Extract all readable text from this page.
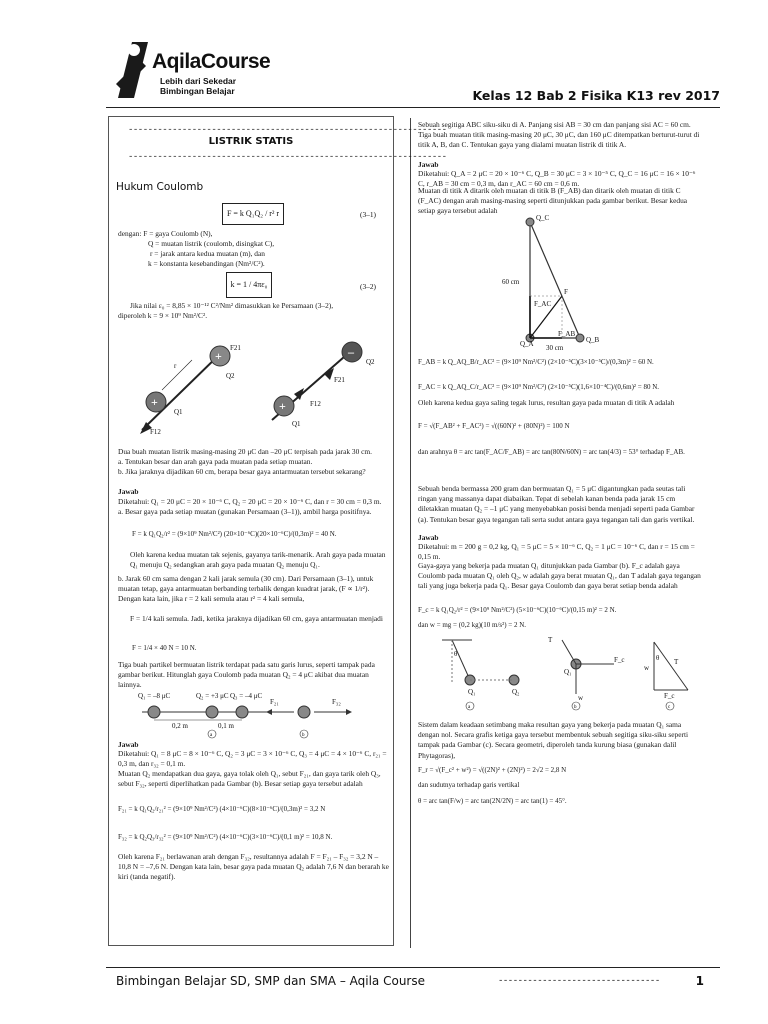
AqilaCourse
Lebih dari Sekedar
Bimbingan Belajar	Kelas 12 Bab 2 Fisika K13 rev 2017
-----------------------------------------------------------------
LISTRIK STATIS
-----------------------------------------------------------------
Hukum Coulomb
F = k Q₁Q₂ / r² r	(3–1)
dengan: F = gaya Coulomb (N),
Q = muatan listrik (coulomb, disingkat C),
r = jarak antara kedua muatan (m), dan
k = konstanta kesebandingan (Nm²/C²).
k = 1 / 4πε₀	(3–2)
Jika nilai ε₀ = 8,85 × 10⁻¹² C²/Nm² dimasukkan ke Persamaan (3–2),
diperoleh k = 9 × 10⁹ Nm²/C².
r
+
+
F21
F12
Q1
Q2
+
–
F12
F21
Q1
Q2
Dua buah muatan listrik masing-masing 20 μC dan –20 μC terpisah pada jarak 30 cm.
a. Tentukan besar dan arah gaya pada muatan pada setiap muatan.
b. Jika jaraknya dijadikan 60 cm, berapa besar gaya antarmuatan tersebut sekarang?
Jawab
Diketahui: Q₁ = 20 μC = 20 × 10⁻⁶ C, Q₂ = 20 μC = 20 × 10⁻⁶ C, dan r = 30 cm = 0,3 m.
a. Besar gaya pada setiap muatan (gunakan Persamaan (3–1)), ambil harga positifnya.
F = k Q₁Q₂/r² = (9×10⁹ Nm²/C²) (20×10⁻⁶C)(20×10⁻⁶C)/(0,3m)² = 40 N.
Oleh karena kedua muatan tak sejenis, gayanya tarik-menarik. Arah gaya pada muatan Q₁ menuju Q₂ sedangkan arah gaya pada muatan Q₂ menuju Q₁.
b. Jarak 60 cm sama dengan 2 kali jarak semula (30 cm). Dari Persamaan (3–1), untuk muatan tetap, gaya antarmuatan berbanding terbalik dengan kuadrat jarak, (F ∝ 1/r²). Dengan kata lain, jika r = 2 kali semula atau r² = 4 kali semula,
F = 1/4 kali semula. Jadi, ketika jaraknya dijadikan 60 cm, gaya antarmuatan menjadi
F = 1/4 × 40 N = 10 N.
Tiga buah partikel bermuatan listrik terdapat pada satu garis lurus, seperti tampak pada gambar berikut. Hitunglah gaya Coulomb pada muatan Q₂ = 4 μC akibat dua muatan lainnya.
Q₁ = –8 μC	Q₂ = +3 μC Q₃ = –4 μC
0,2 m	0,1 m
a
F₂₁	F₃₂
b
Jawab
Diketahui: Q₁ = 8 μC = 8 × 10⁻⁶ C, Q₂ = 3 μC = 3 × 10⁻⁶ C, Q₃ = 4 μC = 4 × 10⁻⁶ C, r₂₁ = 0,3 m, dan r₃₂ = 0,1 m.
Muatan Q₂ mendapatkan dua gaya, gaya tolak oleh Q₁, sebut F₂₁, dan gaya tarik oleh Q₃, sebut F₃₂, seperti diperlihatkan pada Gambar (b). Besar setiap gaya tersebut adalah
F₂₁ = k Q₁Q₂/r₂₁² = (9×10⁹ Nm²/C²) (4×10⁻⁶C)(8×10⁻⁶C)/(0,3m)² = 3,2 N
F₃₂ = k Q₂Q₃/r₃₂² = (9×10⁹ Nm²/C²) (4×10⁻⁶C)(3×10⁻⁶C)/(0,1 m)² = 10,8 N.
Oleh karena F₂₁ berlawanan arah dengan F₃₂, resultannya adalah F = F₂₁ – F₃₂ = 3,2 N – 10,8 N = –7,6 N. Dengan kata lain, besar gaya pada muatan Q₂ adalah 7,6 N dan berarah ke kiri (tanda negatif).
Sebuah segitiga ABC siku-siku di A. Panjang sisi AB = 30 cm dan panjang sisi AC = 60 cm. Tiga buah muatan titik masing-masing 20 μC, 30 μC, dan 160 μC ditempatkan berturut-turut di titik A, B, dan C. Tentukan gaya yang dialami muatan listrik di titik A.
Jawab
Diketahui: Q_A = 2 μC = 20 × 10⁻⁶ C, Q_B = 30 μC = 3 × 10⁻⁵ C, Q_C = 16 μC = 16 × 10⁻⁶ C, r_AB = 30 cm = 0,3 m, dan r_AC = 60 cm = 0,6 m.
Muatan di titik A ditarik oleh muatan di titik B (F_AB) dan ditarik oleh muatan di titik C (F_AC) dengan arah masing-masing seperti ditunjukkan pada gambar berikut. Besar kedua setiap gaya tersebut adalah
Q_C
Q_A	Q_B
60 cm
30 cm
F_AC
F_AB
F
F_AB = k Q_AQ_B/r_AC² = (9×10⁹ Nm²/C²) (2×10⁻⁵C)(3×10⁻⁵C)/(0,3m)² = 60 N.
F_AC = k Q_AQ_C/r_AC² = (9×10⁹ Nm²/C²) (2×10⁻⁵C)(1,6×10⁻⁴C)/(0,6m)² = 80 N.
Oleh karena kedua gaya saling tegak lurus, resultan gaya pada muatan di titik A adalah
F = √(F_AB² + F_AC²) = √((60N)² + (80N)²) = 100 N
dan arahnya θ = arc tan(F_AC/F_AB) = arc tan(80N/60N) = arc tan(4/3) = 53° terhadap F_AB.
Sebuah benda bermassa 200 gram dan bermuatan Q₁ = 5 μC digantungkan pada seutas tali ringan yang massanya dapat diabaikan. Tepat di sebelah kanan benda pada jarak 15 cm diletakkan muatan Q₂ = –1 μC yang menyebabkan posisi benda menjadi seperti pada Gambar (a). Tentukan besar gaya tegangan tali serta sudut antara gaya tegangan tali dan garis vertikal.
Jawab
Diketahui: m = 200 g = 0,2 kg, Q₁ = 5 μC = 5 × 10⁻⁶ C, Q₂ = 1 μC = 10⁻⁶ C, dan r = 15 cm = 0,15 m.
Gaya-gaya yang bekerja pada muatan Q₁ ditunjukkan pada Gambar (b). F_c adalah gaya Coulomb pada muatan Q₁ oleh Q₂, w adalah gaya berat muatan Q₁, dan T adalah gaya tegangan tali yang juga bekerja pada Q₁. Besar gaya Coulomb dan gaya berat setiap benda adalah
F_c = k Q₁Q₂/r² = (9×10⁹ Nm²/C²) (5×10⁻⁶C)(10⁻⁶C)/(0,15 m)² = 2 N.
dan w = mg = (0,2 kg)(10 m/s²) = 2 N.
θ
Q₁	Q₂
a
T
F_c
w
Q₁
b
θ
w
T
F_c
c
Sistem dalam keadaan setimbang maka resultan gaya yang bekerja pada muatan Q₁ sama dengan nol. Secara grafis ketiga gaya tersebut membentuk sebuah segitiga siku-siku seperti tampak pada Gambar (c). Secara geometri, diperoleh tanda kurung biasa (gunakan dalil Phytagoras),
F_r = √(F_c² + w²) = √((2N)² + (2N)²) = 2√2 = 2,8 N
dan sudutnya terhadap garis vertikal
θ = arc tan(F/w) = arc tan(2N/2N) = arc tan(1) = 45°.
Bimbingan Belajar SD, SMP dan SMA – Aqila Course	---------------------------------	1
